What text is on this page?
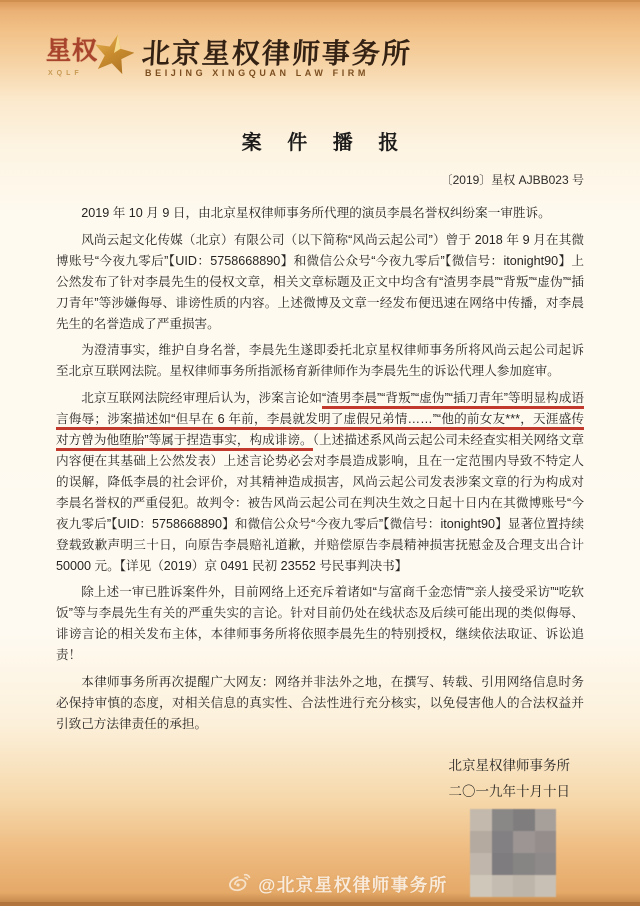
星权
XQLF
北京星权律师事务所
BEIJING XINGQUAN LAW FIRM
案 件 播 报
〔2019〕星权 AJBB023 号

2019 年 10 月 9 日，由北京星权律师事务所代理的演员李晨名誉权纠纷案一审胜诉。

风尚云起文化传媒（北京）有限公司（以下简称“风尚云起公司”）曾于 2018 年 9 月在其微博账号“今夜九零后”【UID：5758668890】和微信公众号“今夜九零后”【微信号：itonight90】上公然发布了针对李晨先生的侵权文章，相关文章标题及正文中均含有“渣男李晨”“背叛”“虚伪”“插刀青年”等涉嫌侮辱、诽谤性质的内容。上述微博及文章一经发布便迅速在网络中传播，对李晨先生的名誉造成了严重损害。

为澄清事实，维护自身名誉，李晨先生遂即委托北京星权律师事务所将风尚云起公司起诉至北京互联网法院。星权律师事务所指派杨育新律师作为李晨先生的诉讼代理人参加庭审。

北京互联网法院经审理后认为，涉案言论如“渣男李晨”“背叛”“虚伪”“插刀青年”等明显构成语言侮辱；涉案描述如“但早在 6 年前，李晨就发明了虚假兄弟情……”“他的前女友***，天涯盛传对方曾为他堕胎”等属于捏造事实，构成诽谤。（上述描述系风尚云起公司未经查实相关网络文章内容便在其基础上公然发表）上述言论势必会对李晨造成影响，且在一定范围内导致不特定人的误解，降低李晨的社会评价，对其精神造成损害，风尚云起公司发表涉案文章的行为构成对李晨名誉权的严重侵犯。故判令：被告风尚云起公司在判决生效之日起十日内在其微博账号“今夜九零后”【UID：5758668890】和微信公众号“今夜九零后”【微信号：itonight90】显著位置持续登载致歉声明三十日，向原告李晨赔礼道歉，并赔偿原告李晨精神损害抚慰金及合理支出合计 50000 元。【详见（2019）京 0491 民初 23552 号民事判决书】

除上述一审已胜诉案件外，目前网络上还充斥着诸如“与富商千金恋情”“亲人接受采访”“吃软饭”等与李晨先生有关的严重失实的言论。针对目前仍处在线状态及后续可能出现的类似侮辱、诽谤言论的相关发布主体，本律师事务所将依照李晨先生的特别授权，继续依法取证、诉讼追责！

本律师事务所再次提醒广大网友：网络并非法外之地，在撰写、转载、引用网络信息时务必保持审慎的态度，对相关信息的真实性、合法性进行充分核实，以免侵害他人的合法权益并引致己方法律责任的承担。

北京星权律师事务所
二〇一九年十月十日
@北京星权律师事务所
